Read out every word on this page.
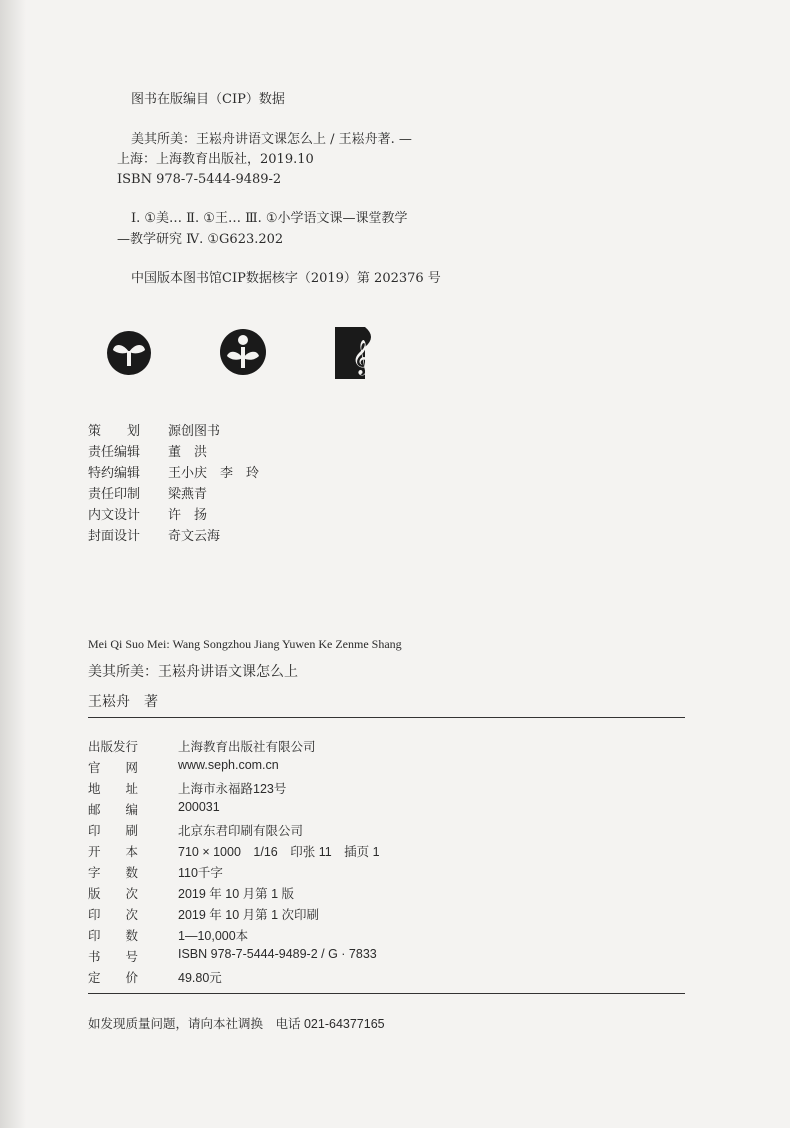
图书在版编目（CIP）数据
美其所美：王崧舟讲语文课怎么上 / 王崧舟著. —
上海：上海教育出版社，2019.10
ISBN 978-7-5444-9489-2
Ⅰ. ①美… Ⅱ. ①王… Ⅲ. ①小学语文课—课堂教学
—教学研究 Ⅳ. ①G623.202
中国版本图书馆CIP数据核字（2019）第 202376 号
𝄞
策　　划	源创图书
责任编辑	董　洪
特约编辑	王小庆　李　玲
责任印制	梁燕青
内文设计	许　扬
封面设计	奇文云海
Mei Qi Suo Mei: Wang Songzhou Jiang Yuwen Ke Zenme Shang
美其所美：王崧舟讲语文课怎么上
王崧舟　著
出版发行	上海教育出版社有限公司
官　　网	www.seph.com.cn
地　　址	上海市永福路123号
邮　　编	200031
印　　刷	北京东君印刷有限公司
开　　本	710 × 1000　1/16　印张 11　插页 1
字　　数	110千字
版　　次	2019 年 10 月第 1 版
印　　次	2019 年 10 月第 1 次印刷
印　　数	1—10,000本
书　　号	ISBN 978-7-5444-9489-2 / G · 7833
定　　价	49.80元
如发现质量问题，请向本社调换　电话 021-64377165
